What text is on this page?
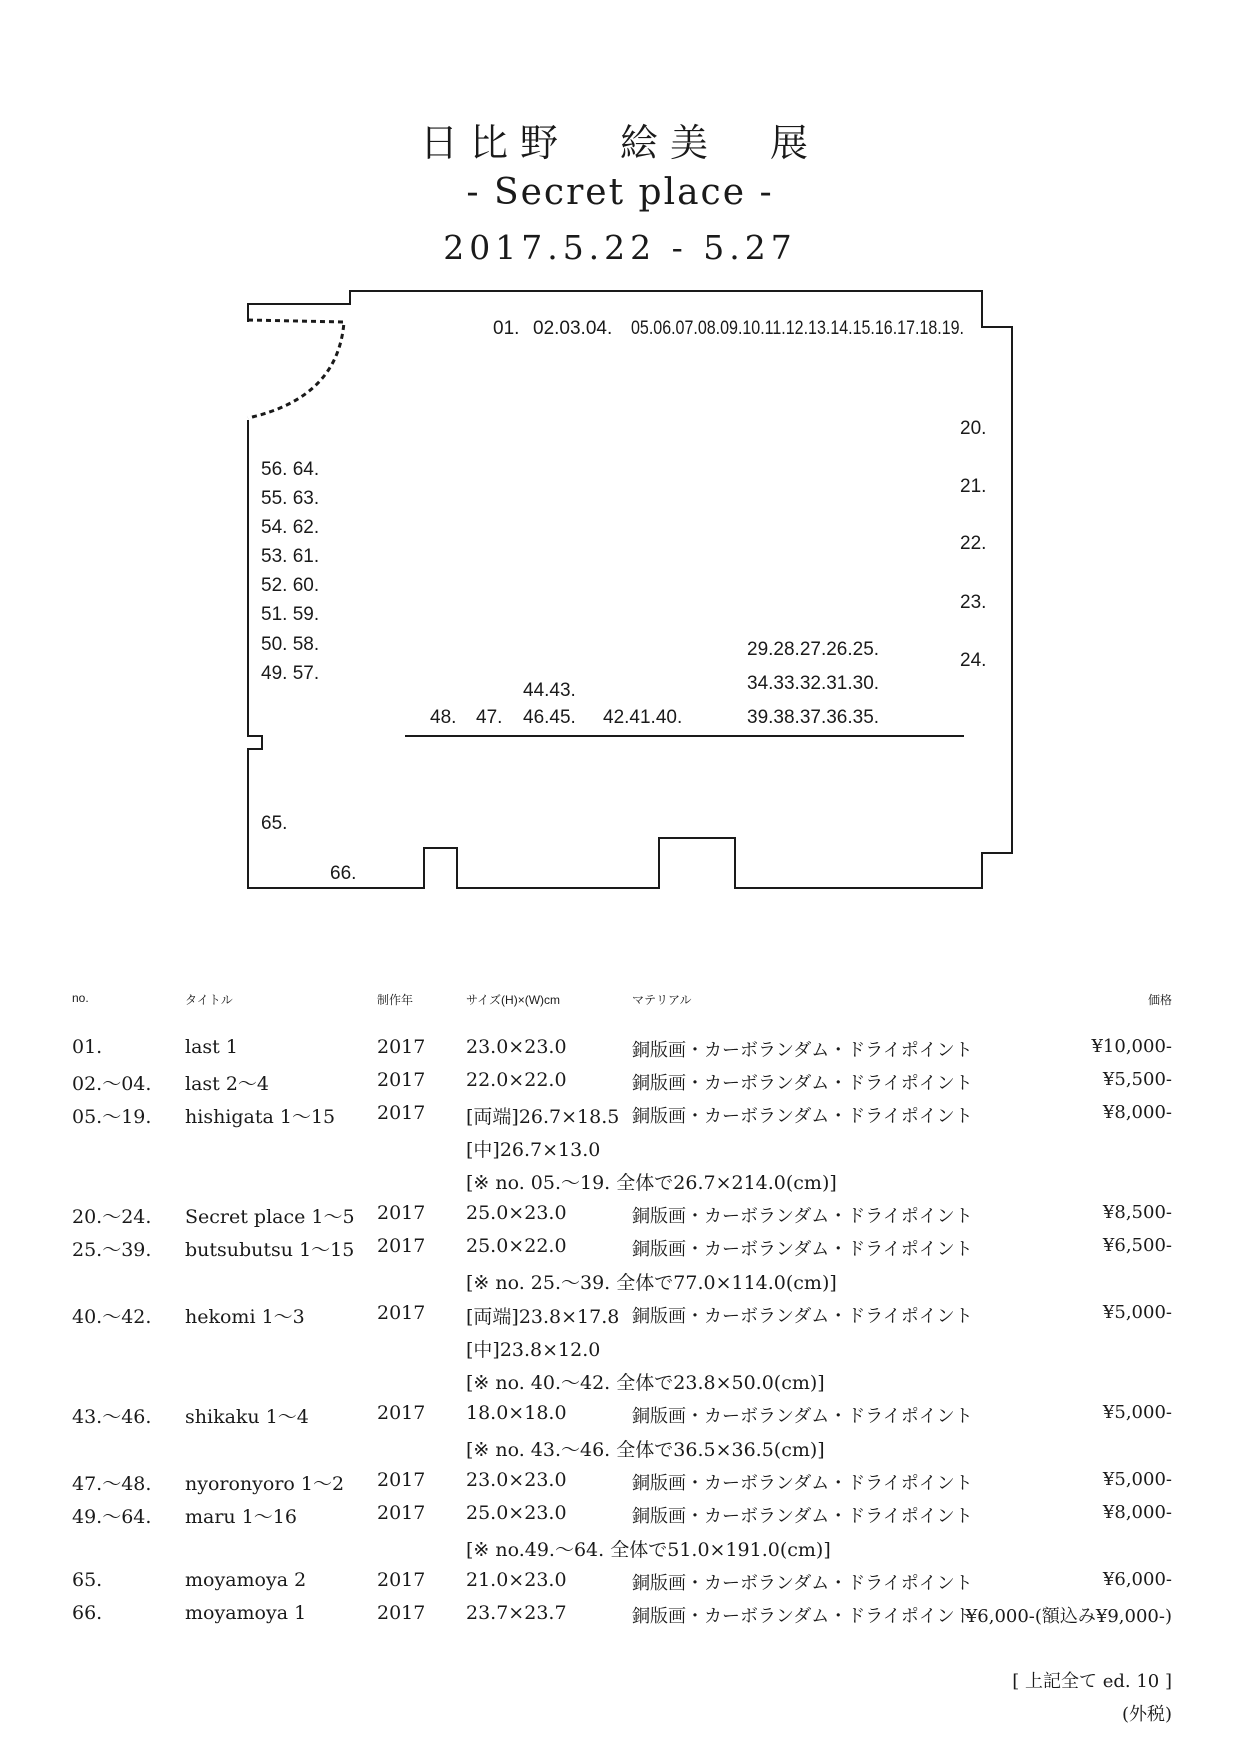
日比野　絵美　展
- Secret place -
2017.5.22 - 5.27
01. 02.03.04. 05.06.07.08.09.10.11.12.13.14.15.16.17.18.19.
20.
21.
22.
23.
24.
56. 64.
55. 63.
54. 62.
53. 61.
52. 60.
51. 59.
50. 58.
49. 57.
44.43.
48. 47. 46.45. 42.41.40.
29.28.27.26.25.
34.33.32.31.30.
39.38.37.36.35.
65.
66.
no.	タイトル	制作年	サイズ(H)×(W)cm	マテリアル	価格
01.	last 1	2017 23.0×23.0	銅版画・カーボランダム・ドライポイント	¥10,000-
02.〜04. last 2〜4	2017 22.0×22.0	銅版画・カーボランダム・ドライポイント	¥5,500-
05.〜19. hishigata 1〜15 2017 [両端]26.7×18.5 銅版画・カーボランダム・ドライポイント	¥8,000-
[中]26.7×13.0
[※ no. 05.〜19. 全体で26.7×214.0(cm)]
20.〜24. Secret place 1〜5 2017 25.0×23.0	銅版画・カーボランダム・ドライポイント	¥8,500-
25.〜39. butsubutsu 1〜15 2017 25.0×22.0	銅版画・カーボランダム・ドライポイント	¥6,500-
[※ no. 25.〜39. 全体で77.0×114.0(cm)]
40.〜42. hekomi 1〜3	2017 [両端]23.8×17.8 銅版画・カーボランダム・ドライポイント	¥5,000-
[中]23.8×12.0
[※ no. 40.〜42. 全体で23.8×50.0(cm)]
43.〜46. shikaku 1〜4	2017 18.0×18.0	銅版画・カーボランダム・ドライポイント	¥5,000-
[※ no. 43.〜46. 全体で36.5×36.5(cm)]
47.〜48. nyoronyoro 1〜2 2017 23.0×23.0	銅版画・カーボランダム・ドライポイント	¥5,000-
49.〜64. maru 1〜16	2017 25.0×23.0	銅版画・カーボランダム・ドライポイント	¥8,000-
[※ no.49.〜64. 全体で51.0×191.0(cm)]
65.	moyamoya 2	2017 21.0×23.0	銅版画・カーボランダム・ドライポイント	¥6,000-
66.	moyamoya 1	2017 23.7×23.7	銅版画・カーボランダム・ドライポイント
¥6,000-(額込み¥9,000-)
[ 上記全て ed. 10 ]
(外税)
